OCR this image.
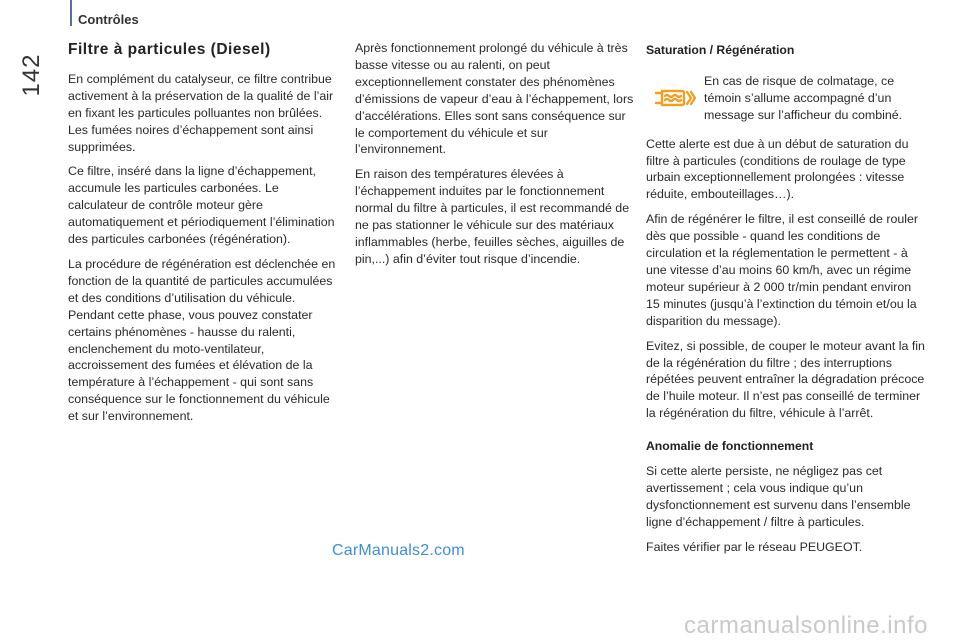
Contrôles
142
Filtre à particules (Diesel)

En complément du catalyseur, ce filtre contribue activement à la préservation de la qualité de l’air en fixant les particules polluantes non brûlées. Les fumées noires d’échappement sont ainsi supprimées.

Ce filtre, inséré dans la ligne d’échappement, accumule les particules carbonées. Le calculateur de contrôle moteur gère automatiquement et périodiquement l’élimination des particules carbonées (régénération).

La procédure de régénération est déclenchée en fonction de la quantité de particules accumulées et des conditions d’utilisation du véhicule. Pendant cette phase, vous pouvez constater certains phénomènes - hausse du ralenti, enclenchement du moto-ventilateur, accroissement des fumées et élévation de la température à l’échappement - qui sont sans conséquence sur le fonctionnement du véhicule et sur l’environnement.

Après fonctionnement prolongé du véhicule à très basse vitesse ou au ralenti, on peut exceptionnellement constater des phénomènes d’émissions de vapeur d’eau à l’échappement, lors d’accélérations. Elles sont sans conséquence sur le comportement du véhicule et sur l’environnement.

En raison des températures élevées à l’échappement induites par le fonctionnement normal du filtre à particules, il est recommandé de ne pas stationner le véhicule sur des matériaux inflammables (herbe, feuilles sèches, aiguilles de pin,...) afin d’éviter tout risque d’incendie.

Saturation / Régénération
En cas de risque de colmatage, ce témoin s’allume accompagné d’un message sur l’afficheur du combiné.

Cette alerte est due à un début de saturation du filtre à particules (conditions de roulage de type urbain exceptionnellement prolongées : vitesse réduite, embouteillages…).

Afin de régénérer le filtre, il est conseillé de rouler dès que possible - quand les conditions de circulation et la réglementation le permettent - à une vitesse d’au moins 60 km/h, avec un régime moteur supérieur à 2 000 tr/min pendant environ 15 minutes (jusqu’à l’extinction du témoin et/ou la disparition du message).

Evitez, si possible, de couper le moteur avant la fin de la régénération du filtre ; des interruptions répétées peuvent entraîner la dégradation précoce de l’huile moteur. Il n’est pas conseillé de terminer la régénération du filtre, véhicule à l’arrêt.

Anomalie de fonctionnement

Si cette alerte persiste, ne négligez pas cet avertissement ; cela vous indique qu’un dysfonctionnement est survenu dans l’ensemble ligne d’échappement / filtre à particules.

Faites vérifier par le réseau PEUGEOT.

CarManuals2.com
carmanualsonline.info
